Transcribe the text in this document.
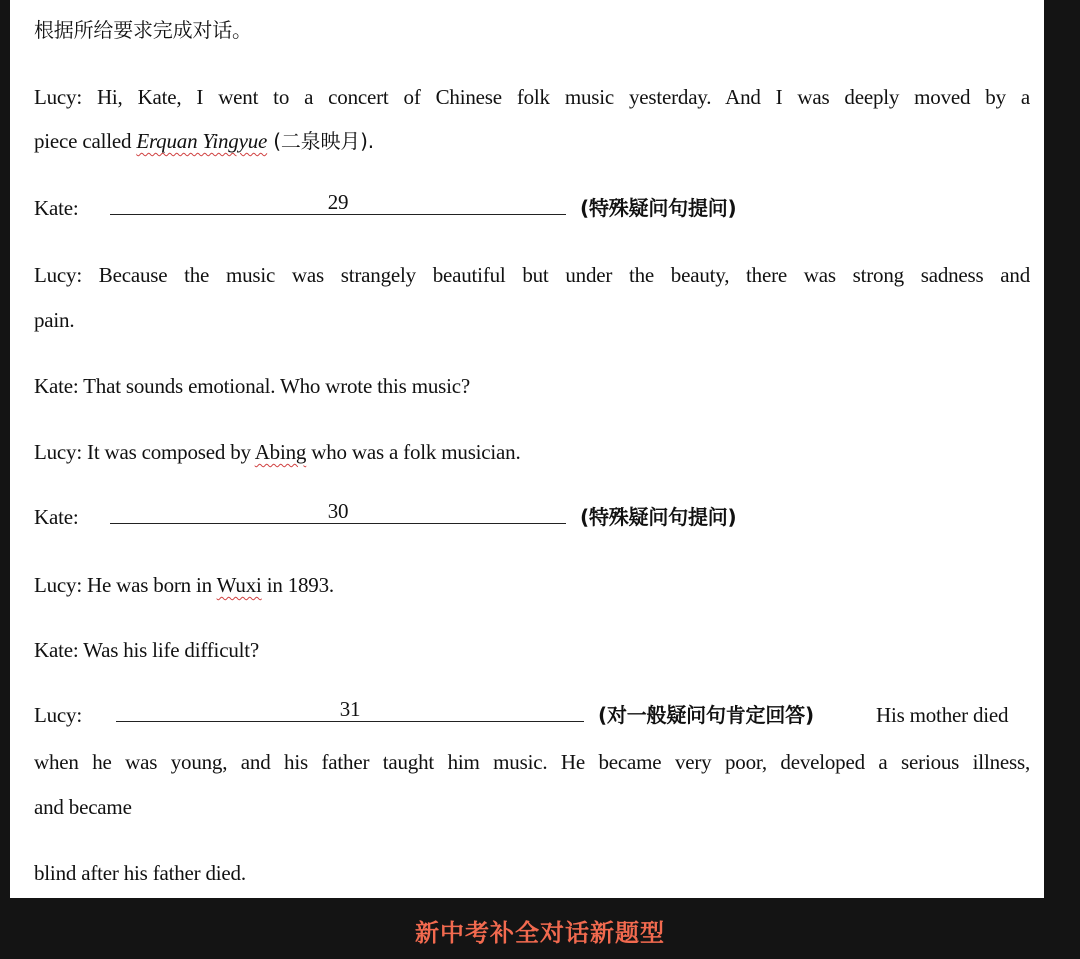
根据所给要求完成对话。
Lucy: Hi, Kate, I went to a concert of Chinese folk music yesterday. And I was deeply moved by a
piece called Erquan Yingyue (二泉映月).
Kate:	29	(特殊疑问句提问)
Lucy: Because the music was strangely beautiful but under the beauty, there was strong sadness and
pain.
Kate: That sounds emotional. Who wrote this music?
Lucy: It was composed by Abing who was a folk musician.
Kate:	30	(特殊疑问句提问)
Lucy: He was born in Wuxi in 1893.
Kate: Was his life difficult?
Lucy:	31	(对一般疑问句肯定回答)	His mother died
when he was young, and his father taught him music. He became very poor, developed a serious illness,
and became
blind after his father died.
新中考补全对话新题型
